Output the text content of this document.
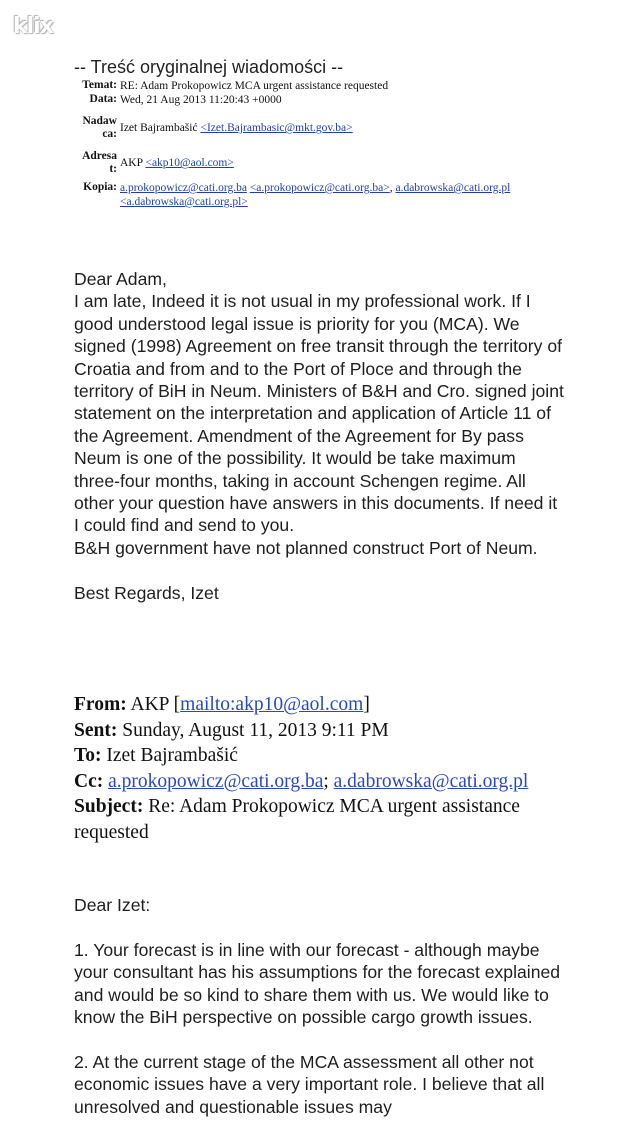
klix
-- Treść oryginalnej wiadomości --
Temat: RE: Adam Prokopowicz MCA urgent assistance requested
Data: Wed, 21 Aug 2013 11:20:43 +0000
Nadaw
ca: Izet Bajrambašić <Izet.Bajrambasic@mkt.gov.ba>
Adresa
t: AKP <akp10@aol.com>
Kopia: a.prokopowicz@cati.org.ba <a.prokopowicz@cati.org.ba>, a.dabrowska@cati.org.pl
<a.dabrowska@cati.org.pl>

Dear Adam,

I am late, Indeed it is not usual in my professional work. If I good understood legal issue is priority for you (MCA). We signed (1998) Agreement on free transit through the territory of Croatia and from and to the Port of Ploce and through the territory of BiH in Neum. Ministers of B&H and Cro. signed joint statement on the interpretation and application of Article 11 of the Agreement. Amendment of the Agreement for By pass Neum is one of the possibility. It would be take maximum three-four months, taking in account Schengen regime. All other your question have answers in this documents. If need it I could find and send to you.

B&H government have not planned construct Port of Neum.

Best Regards, Izet

From: AKP [mailto:akp10@aol.com]
Sent: Sunday, August 11, 2013 9:11 PM
To: Izet Bajrambašić
Cc: a.prokopowicz@cati.org.ba; a.dabrowska@cati.org.pl
Subject: Re: Adam Prokopowicz MCA urgent assistance requested

Dear Izet:

1. Your forecast is in line with our forecast - although maybe your consultant has his assumptions for the forecast explained and would be so kind to share them with us. We would like to know the BiH perspective on possible cargo growth issues.

2. At the current stage of the MCA assessment all other not economic issues have a very important role. I believe that all unresolved and questionable issues may
